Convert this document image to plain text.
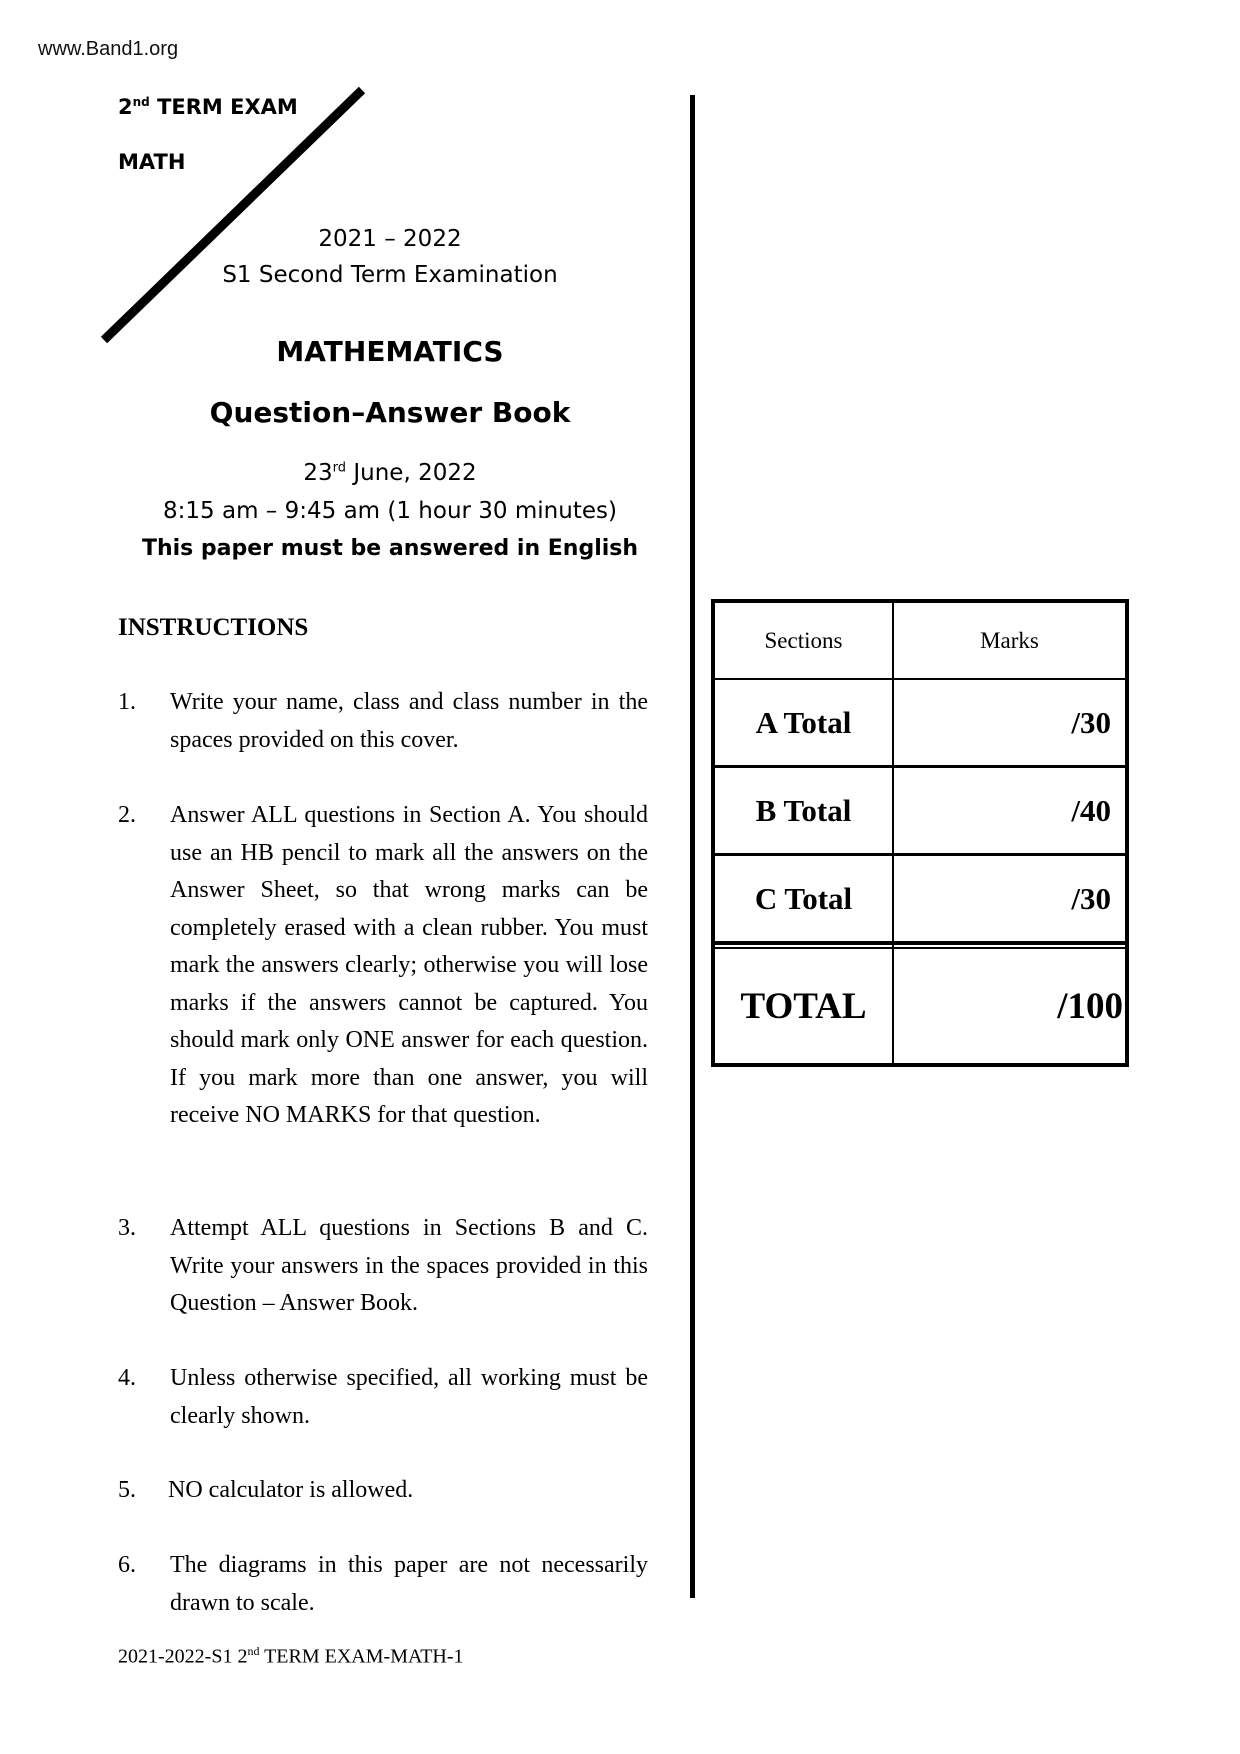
www.Band1.org
2nd TERM EXAM
MATH
2021 – 2022
S1 Second Term Examination
MATHEMATICS
Question–Answer Book
23rd June, 2022
8:15 am – 9:45 am (1 hour 30 minutes)
This paper must be answered in English
INSTRUCTIONS
1. Write your name, class and class number in the spaces provided on this cover.
2. Answer ALL questions in Section A. You should use an HB pencil to mark all the answers on the Answer Sheet, so that wrong marks can be completely erased with a clean rubber. You must mark the answers clearly; otherwise you will lose marks if the answers cannot be captured. You should mark only ONE answer for each question. If you mark more than one answer, you will receive NO MARKS for that question.
3. Attempt ALL questions in Sections B and C. Write your answers in the spaces provided in this Question – Answer Book.
4. Unless otherwise specified, all working must be clearly shown.
5. NO calculator is allowed.
6. The diagrams in this paper are not necessarily drawn to scale.
2021-2022-S1 2nd TERM EXAM-MATH-1
Sections	Marks
A Total	/30
B Total	/40
C Total	/30
TOTAL	/100
